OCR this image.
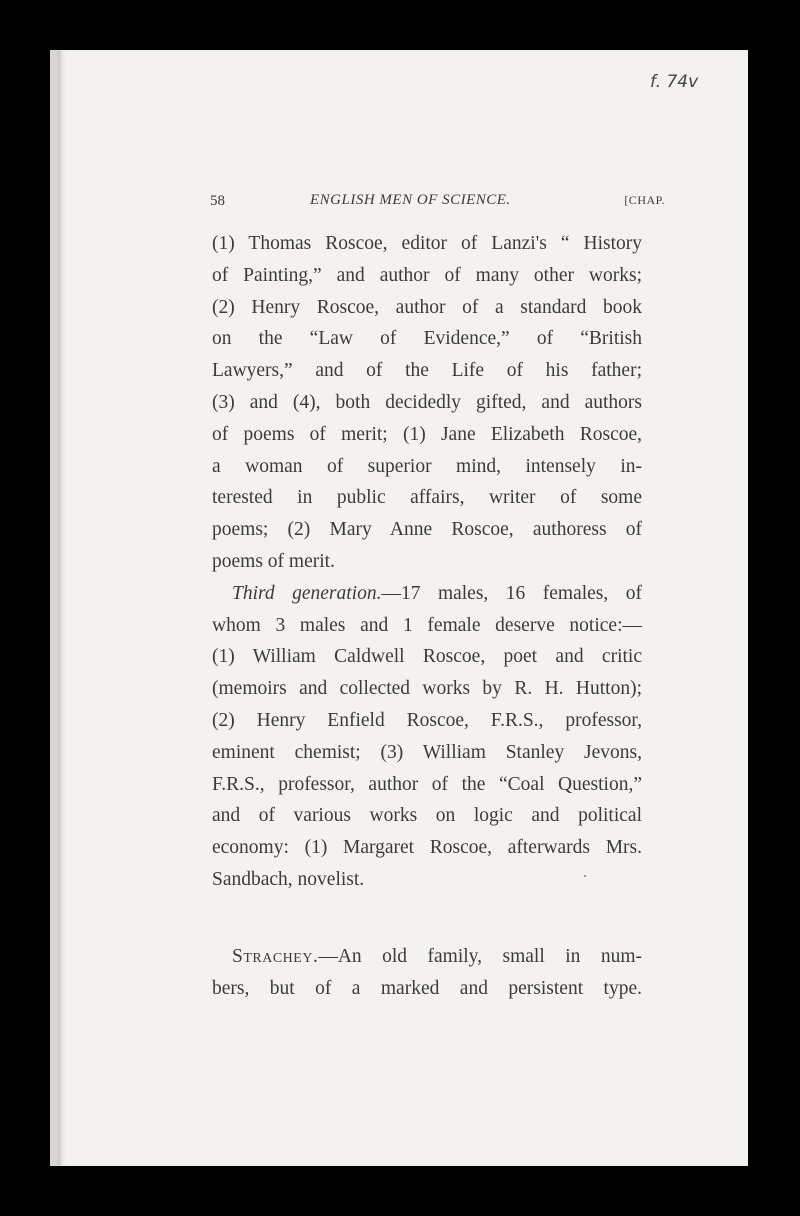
f. 74v
58	ENGLISH MEN OF SCIENCE.	[CHAP.
(1) Thomas Roscoe, editor of Lanzi's “ History
of Painting,” and author of many other works;
(2) Henry Roscoe, author of a standard book
on the “Law of Evidence,” of “British
Lawyers,” and of the Life of his father;
(3) and (4), both decidedly gifted, and authors
of poems of merit; (1) Jane Elizabeth Roscoe,
a woman of superior mind, intensely in-
terested in public affairs, writer of some
poems; (2) Mary Anne Roscoe, authoress of
poems of merit.
Third generation.—17 males, 16 females, of
whom 3 males and 1 female deserve notice:—
(1) William Caldwell Roscoe, poet and critic
(memoirs and collected works by R. H. Hutton);
(2) Henry Enfield Roscoe, F.R.S., professor,
eminent chemist; (3) William Stanley Jevons,
F.R.S., professor, author of the “Coal Question,”
and of various works on logic and political
economy: (1) Margaret Roscoe, afterwards Mrs.
Sandbach, novelist.
Strachey.—An old family, small in num-
bers, but of a marked and persistent type.
